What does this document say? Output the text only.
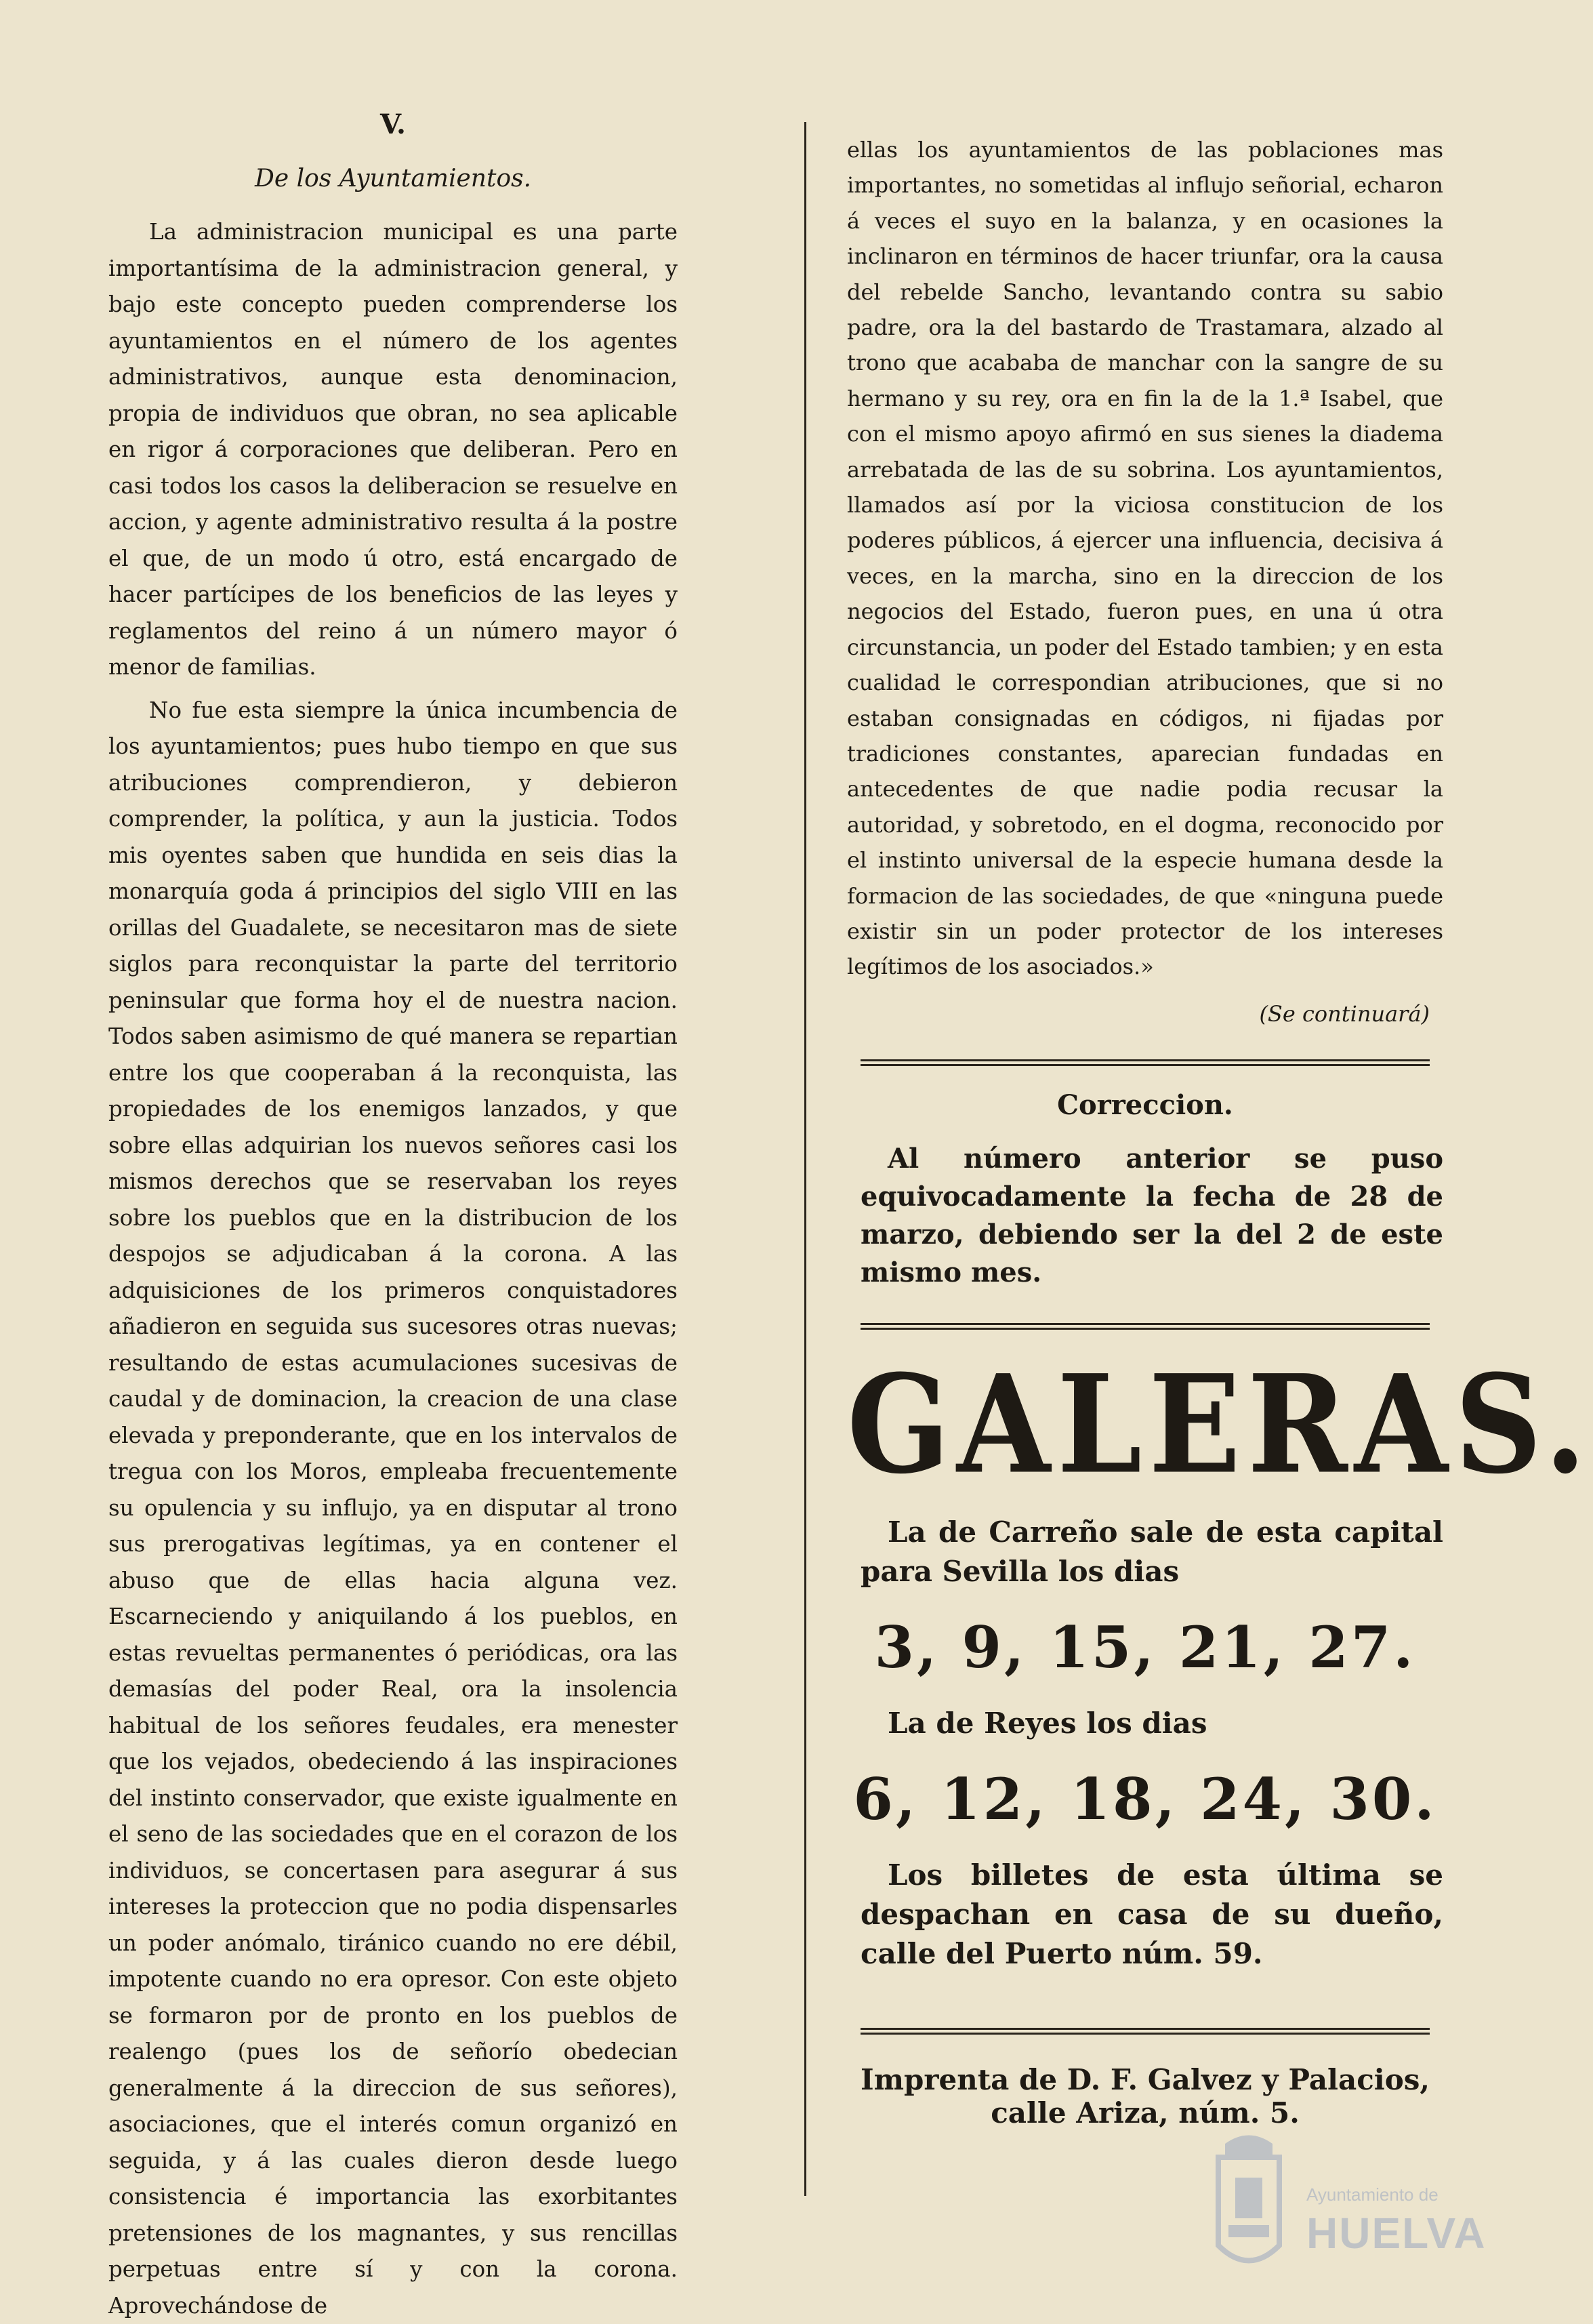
V.
De los Ayuntamientos.

La administracion municipal es una parte importantísima de la administracion general, y bajo este concepto pueden comprenderse los ayuntamientos en el número de los agentes administrativos, aunque esta denominacion, propia de individuos que obran, no sea aplicable en rigor á corporaciones que deliberan. Pero en casi todos los casos la deliberacion se resuelve en accion, y agente administrativo resulta á la postre el que, de un modo ú otro, está encargado de hacer partícipes de los beneficios de las leyes y reglamentos del reino á un número mayor ó menor de familias.

No fue esta siempre la única incumbencia de los ayuntamientos; pues hubo tiempo en que sus atribuciones comprendieron, y debieron comprender, la política, y aun la justicia. Todos mis oyentes saben que hundida en seis dias la monarquía goda á principios del siglo VIII en las orillas del Guadalete, se necesitaron mas de siete siglos para reconquistar la parte del territorio peninsular que forma hoy el de nuestra nacion. Todos saben asimismo de qué manera se repartian entre los que cooperaban á la reconquista, las propiedades de los enemigos lanzados, y que sobre ellas adquirian los nuevos señores casi los mismos derechos que se reservaban los reyes sobre los pueblos que en la distribucion de los despojos se adjudicaban á la corona. A las adquisiciones de los primeros conquistadores añadieron en seguida sus sucesores otras nuevas; resultando de estas acumulaciones sucesivas de caudal y de dominacion, la creacion de una clase elevada y preponderante, que en los intervalos de tregua con los Moros, empleaba frecuentemente su opulencia y su influjo, ya en disputar al trono sus prerogativas legítimas, ya en contener el abuso que de ellas hacia alguna vez. Escarneciendo y aniquilando á los pueblos, en estas revueltas permanentes ó periódicas, ora las demasías del poder Real, ora la insolencia habitual de los señores feudales, era menester que los vejados, obedeciendo á las inspiraciones del instinto conservador, que existe igualmente en el seno de las sociedades que en el corazon de los individuos, se concertasen para asegurar á sus intereses la proteccion que no podia dispensarles un poder anómalo, tiránico cuando no ere débil, impotente cuando no era opresor. Con este objeto se formaron por de pronto en los pueblos de realengo (pues los de señorío obedecian generalmente á la direccion de sus señores), asociaciones, que el interés comun organizó en seguida, y á las cuales dieron desde luego consistencia é importancia las exorbitantes pretensiones de los magnantes, y sus rencillas perpetuas entre sí y con la corona. Aprovechándose de

ellas los ayuntamientos de las poblaciones mas importantes, no sometidas al influjo señorial, echaron á veces el suyo en la balanza, y en ocasiones la inclinaron en términos de hacer triunfar, ora la causa del rebelde Sancho, levantando contra su sabio padre, ora la del bastardo de Trastamara, alzado al trono que acababa de manchar con la sangre de su hermano y su rey, ora en fin la de la 1.ª Isabel, que con el mismo apoyo afirmó en sus sienes la diadema arrebatada de las de su sobrina. Los ayuntamientos, llamados así por la viciosa constitucion de los poderes públicos, á ejercer una influencia, decisiva á veces, en la marcha, sino en la direccion de los negocios del Estado, fueron pues, en una ú otra circunstancia, un poder del Estado tambien; y en esta cualidad le correspondian atribuciones, que si no estaban consignadas en códigos, ni fijadas por tradiciones constantes, aparecian fundadas en antecedentes de que nadie podia recusar la autoridad, y sobretodo, en el dogma, reconocido por el instinto universal de la especie humana desde la formacion de las sociedades, de que «ninguna puede existir sin un poder protector de los intereses legítimos de los asociados.»

(Se continuará)
Correccion.

Al número anterior se puso equivocadamente la fecha de 28 de marzo, debiendo ser la del 2 de este mismo mes.

GALERAS.

La de Carreño sale de esta capital para Sevilla los dias

3, 9, 15, 21, 27.

La de Reyes los dias

6, 12, 18, 24, 30.

Los billetes de esta última se despachan en casa de su dueño, calle del Puerto núm. 59.

Imprenta de D. F. Galvez y Palacios, calle Ariza, núm. 5.
Ayuntamiento de
HUELVA
